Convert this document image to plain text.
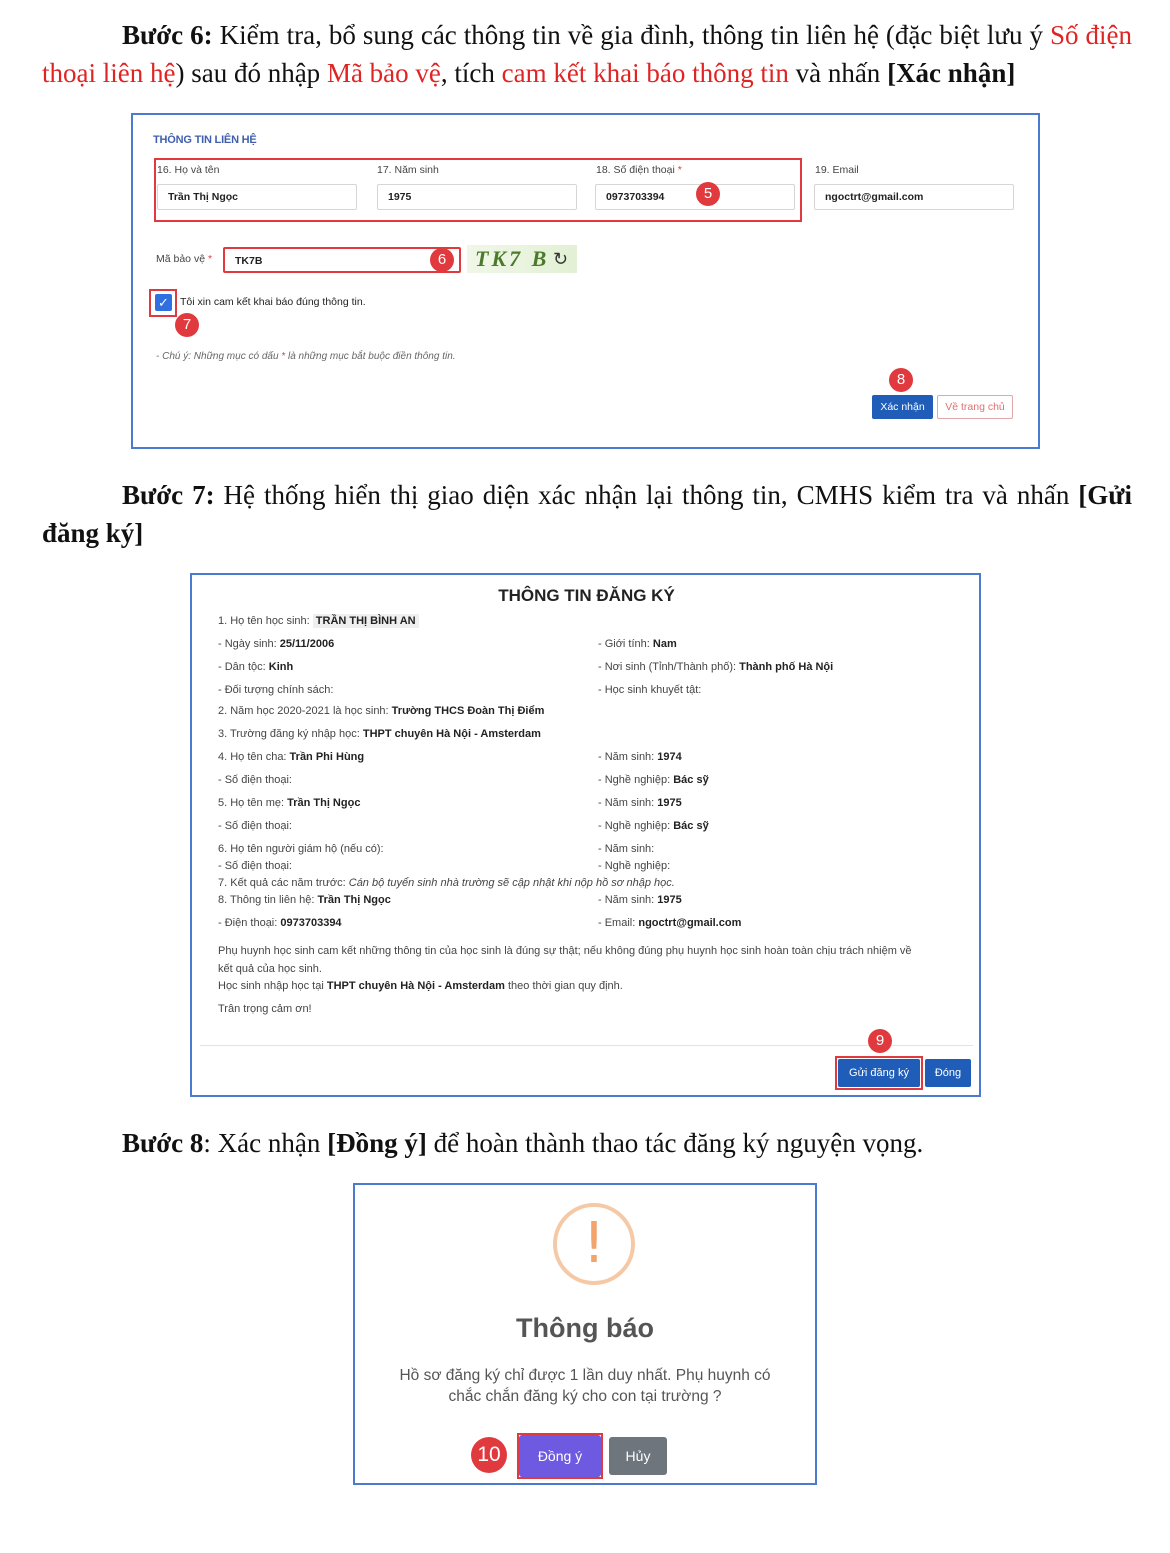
Bước 6: Kiểm tra, bổ sung các thông tin về gia đình, thông tin liên hệ (đặc biệt lưu ý Số điện thoại liên hệ) sau đó nhập Mã bảo vệ, tích cam kết khai báo thông tin và nhấn [Xác nhận]
THÔNG TIN LIÊN HỆ
16. Họ và tên
Trần Thị Ngọc
17. Năm sinh
1975
18. Số điện thoại *
0973703394
19. Email
ngoctrt@gmail.com
5
Mã bảo vệ *	TK7B	6	TK7 B ↻
✓ Tôi xin cam kết khai báo đúng thông tin.
7
- Chú ý: Những mục có dấu * là những mục bắt buộc điền thông tin.
8
Xác nhận	Về trang chủ
Bước 7: Hệ thống hiển thị giao diện xác nhận lại thông tin, CMHS kiểm tra và nhấn [Gửi đăng ký]
THÔNG TIN ĐĂNG KÝ
1. Họ tên học sinh: TRẦN THỊ BÌNH AN
- Ngày sinh: 25/11/2006	- Giới tính: Nam
- Dân tộc: Kinh	- Nơi sinh (Tỉnh/Thành phố): Thành phố Hà Nội
- Đối tượng chính sách:	- Học sinh khuyết tật:
2. Năm học 2020-2021 là học sinh: Trường THCS Đoàn Thị Điểm
3. Trường đăng ký nhập học: THPT chuyên Hà Nội - Amsterdam
4. Họ tên cha: Trần Phi Hùng	- Năm sinh: 1974
- Số điện thoại:	- Nghề nghiệp: Bác sỹ
5. Họ tên mẹ: Trần Thị Ngọc	- Năm sinh: 1975
- Số điện thoại:	- Nghề nghiệp: Bác sỹ
6. Họ tên người giám hộ (nếu có):	- Năm sinh:
- Số điện thoại:	- Nghề nghiệp:
7. Kết quả các năm trước: Cán bộ tuyển sinh nhà trường sẽ cập nhật khi nộp hồ sơ nhập học.
8. Thông tin liên hệ: Trần Thị Ngọc	- Năm sinh: 1975
- Điện thoại: 0973703394	- Email: ngoctrt@gmail.com
Phụ huynh học sinh cam kết những thông tin của học sinh là đúng sự thật; nếu không đúng phụ huynh học sinh hoàn toàn chịu trách nhiệm về
kết quả của học sinh.
Học sinh nhập học tại THPT chuyên Hà Nội - Amsterdam theo thời gian quy định.
Trân trọng cảm ơn!
9
Gửi đăng ký	Đóng
Bước 8: Xác nhận [Đồng ý] để hoàn thành thao tác đăng ký nguyện vọng.
!
Thông báo
Hồ sơ đăng ký chỉ được 1 lần duy nhất. Phụ huynh có chắc chắn đăng ký cho con tại trường ?
10	Đồng ý	Hủy
